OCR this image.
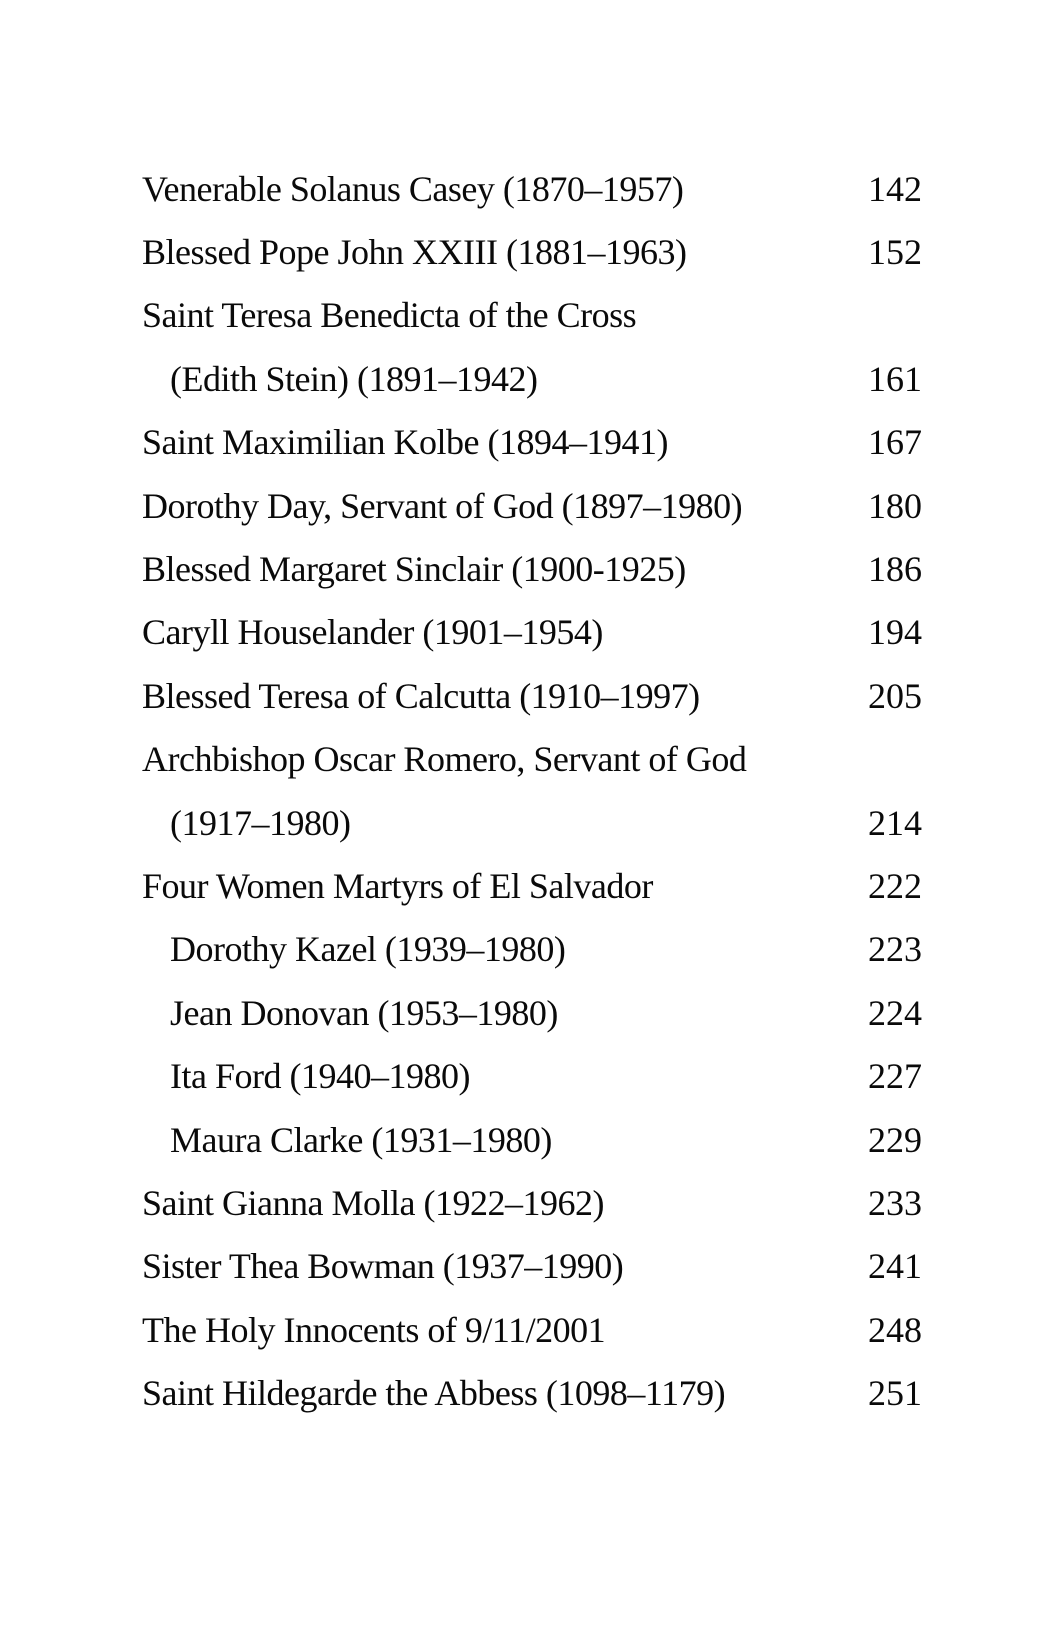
Venerable Solanus Casey (1870–1957)	142
Blessed Pope John XXIII (1881–1963)	152
Saint Teresa Benedicta of the Cross
(Edith Stein) (1891–1942)	161
Saint Maximilian Kolbe (1894–1941)	167
Dorothy Day, Servant of God (1897–1980)	180
Blessed Margaret Sinclair (1900-1925)	186
Caryll Houselander (1901–1954)	194
Blessed Teresa of Calcutta (1910–1997)	205
Archbishop Oscar Romero, Servant of God
(1917–1980)	214
Four Women Martyrs of El Salvador	222
Dorothy Kazel (1939–1980)	223
Jean Donovan (1953–1980)	224
Ita Ford (1940–1980)	227
Maura Clarke (1931–1980)	229
Saint Gianna Molla (1922–1962)	233
Sister Thea Bowman (1937–1990)	241
The Holy Innocents of 9/11/2001	248
Saint Hildegarde the Abbess (1098–1179)	251
